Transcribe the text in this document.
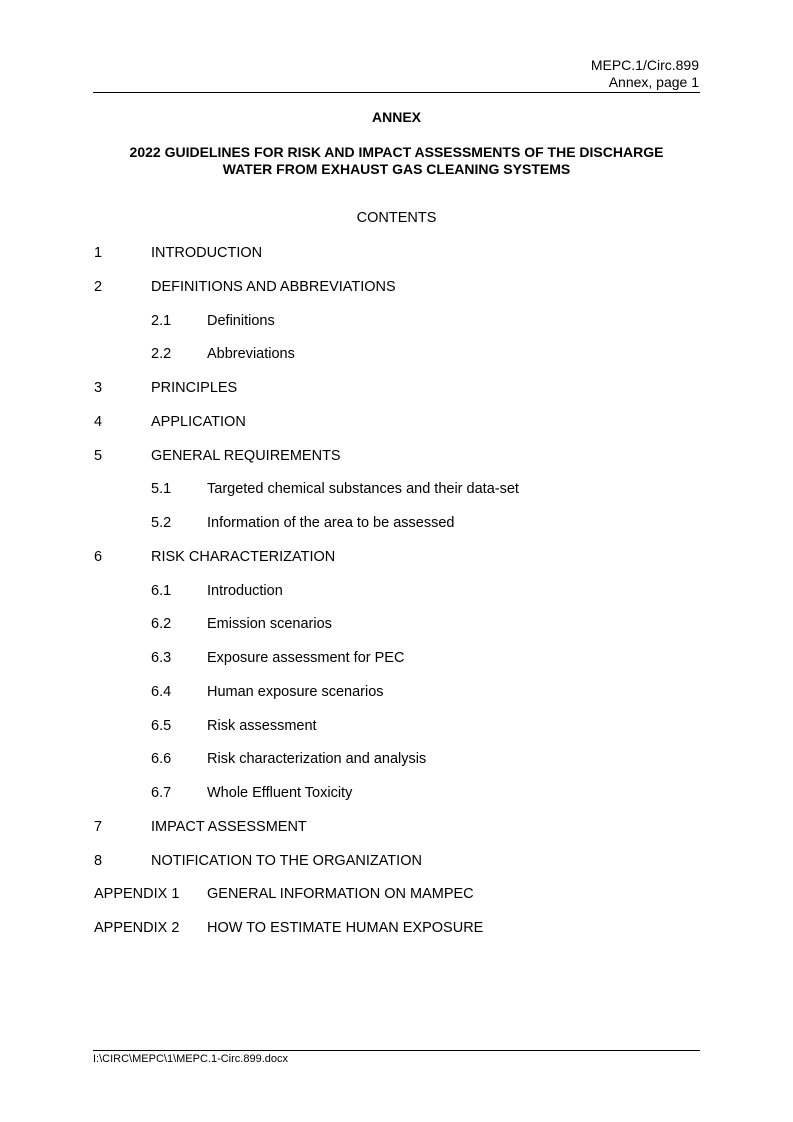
MEPC.1/Circ.899
Annex, page 1
ANNEX
2022 GUIDELINES FOR RISK AND IMPACT ASSESSMENTS OF THE DISCHARGE
WATER FROM EXHAUST GAS CLEANING SYSTEMS
CONTENTS
1	INTRODUCTION
2	DEFINITIONS AND ABBREVIATIONS
2.1 Definitions
2.2 Abbreviations
3	PRINCIPLES
4	APPLICATION
5	GENERAL REQUIREMENTS
5.1 Targeted chemical substances and their data-set
5.2 Information of the area to be assessed
6	RISK CHARACTERIZATION
6.1 Introduction
6.2 Emission scenarios
6.3 Exposure assessment for PEC
6.4 Human exposure scenarios
6.5 Risk assessment
6.6 Risk characterization and analysis
6.7 Whole Effluent Toxicity
7	IMPACT ASSESSMENT
8	NOTIFICATION TO THE ORGANIZATION
APPENDIX 1 GENERAL INFORMATION ON MAMPEC
APPENDIX 2 HOW TO ESTIMATE HUMAN EXPOSURE
I:\CIRC\MEPC\1\MEPC.1-Circ.899.docx
